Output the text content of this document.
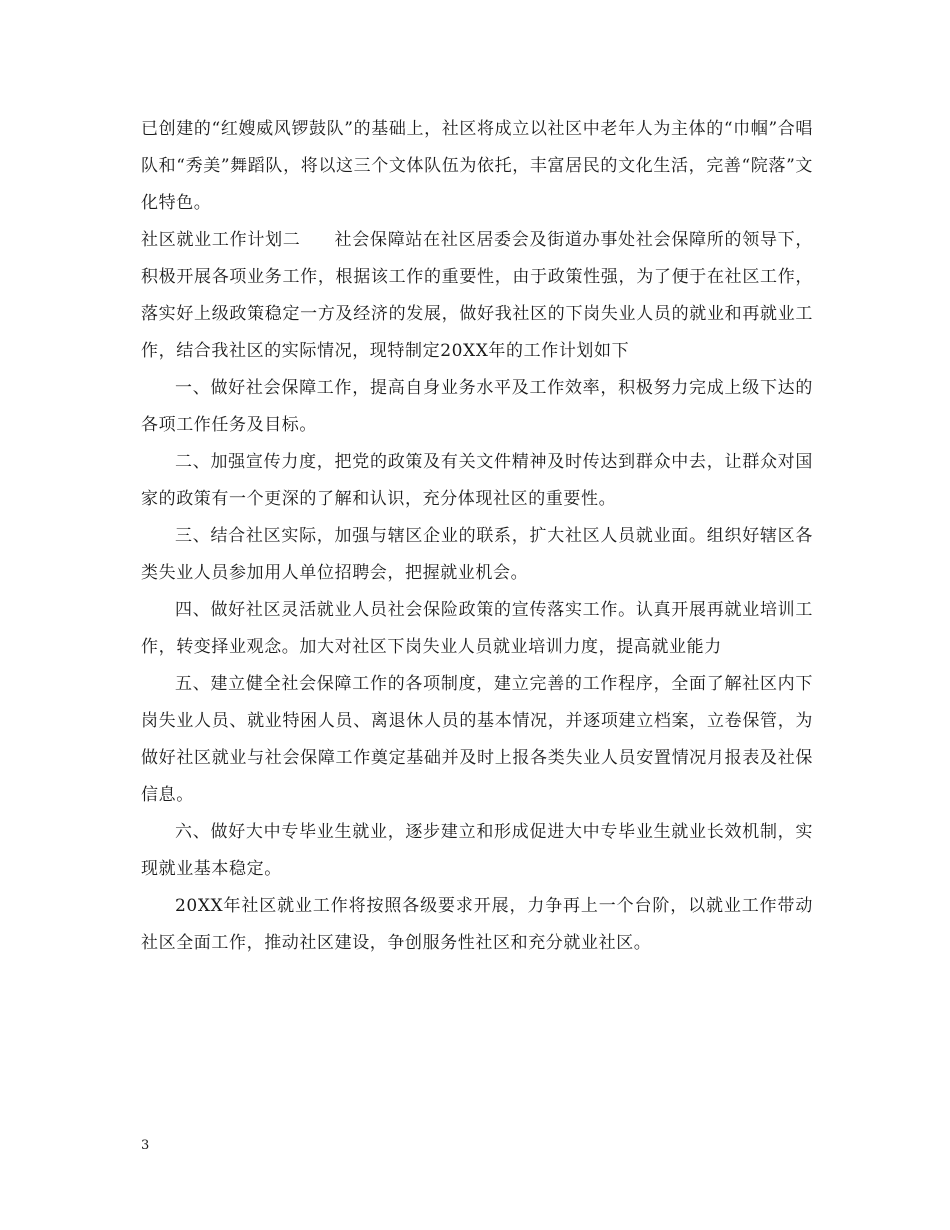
已创建的“红嫂威风锣鼓队”的基础上，社区将成立以社区中老年人为主体的“巾帼”合唱队和“秀美”舞蹈队，将以这三个文体队伍为依托，丰富居民的文化生活，完善“院落”文化特色。

社区就业工作计划二 社会保障站在社区居委会及街道办事处社会保障所的领导下，积极开展各项业务工作，根据该工作的重要性，由于政策性强，为了便于在社区工作，落实好上级政策稳定一方及经济的发展，做好我社区的下岗失业人员的就业和再就业工作，结合我社区的实际情况，现特制定20XX年的工作计划如下

一、做好社会保障工作，提高自身业务水平及工作效率，积极努力完成上级下达的各项工作任务及目标。

二、加强宣传力度，把党的政策及有关文件精神及时传达到群众中去，让群众对国家的政策有一个更深的了解和认识，充分体现社区的重要性。

三、结合社区实际，加强与辖区企业的联系，扩大社区人员就业面。组织好辖区各类失业人员参加用人单位招聘会，把握就业机会。

四、做好社区灵活就业人员社会保险政策的宣传落实工作。认真开展再就业培训工作，转变择业观念。加大对社区下岗失业人员就业培训力度，提高就业能力

五、建立健全社会保障工作的各项制度，建立完善的工作程序，全面了解社区内下岗失业人员、就业特困人员、离退休人员的基本情况，并逐项建立档案，立卷保管，为做好社区就业与社会保障工作奠定基础并及时上报各类失业人员安置情况月报表及社保信息。

六、做好大中专毕业生就业，逐步建立和形成促进大中专毕业生就业长效机制，实现就业基本稳定。

20XX年社区就业工作将按照各级要求开展，力争再上一个台阶，以就业工作带动社区全面工作，推动社区建设，争创服务性社区和充分就业社区。

3
